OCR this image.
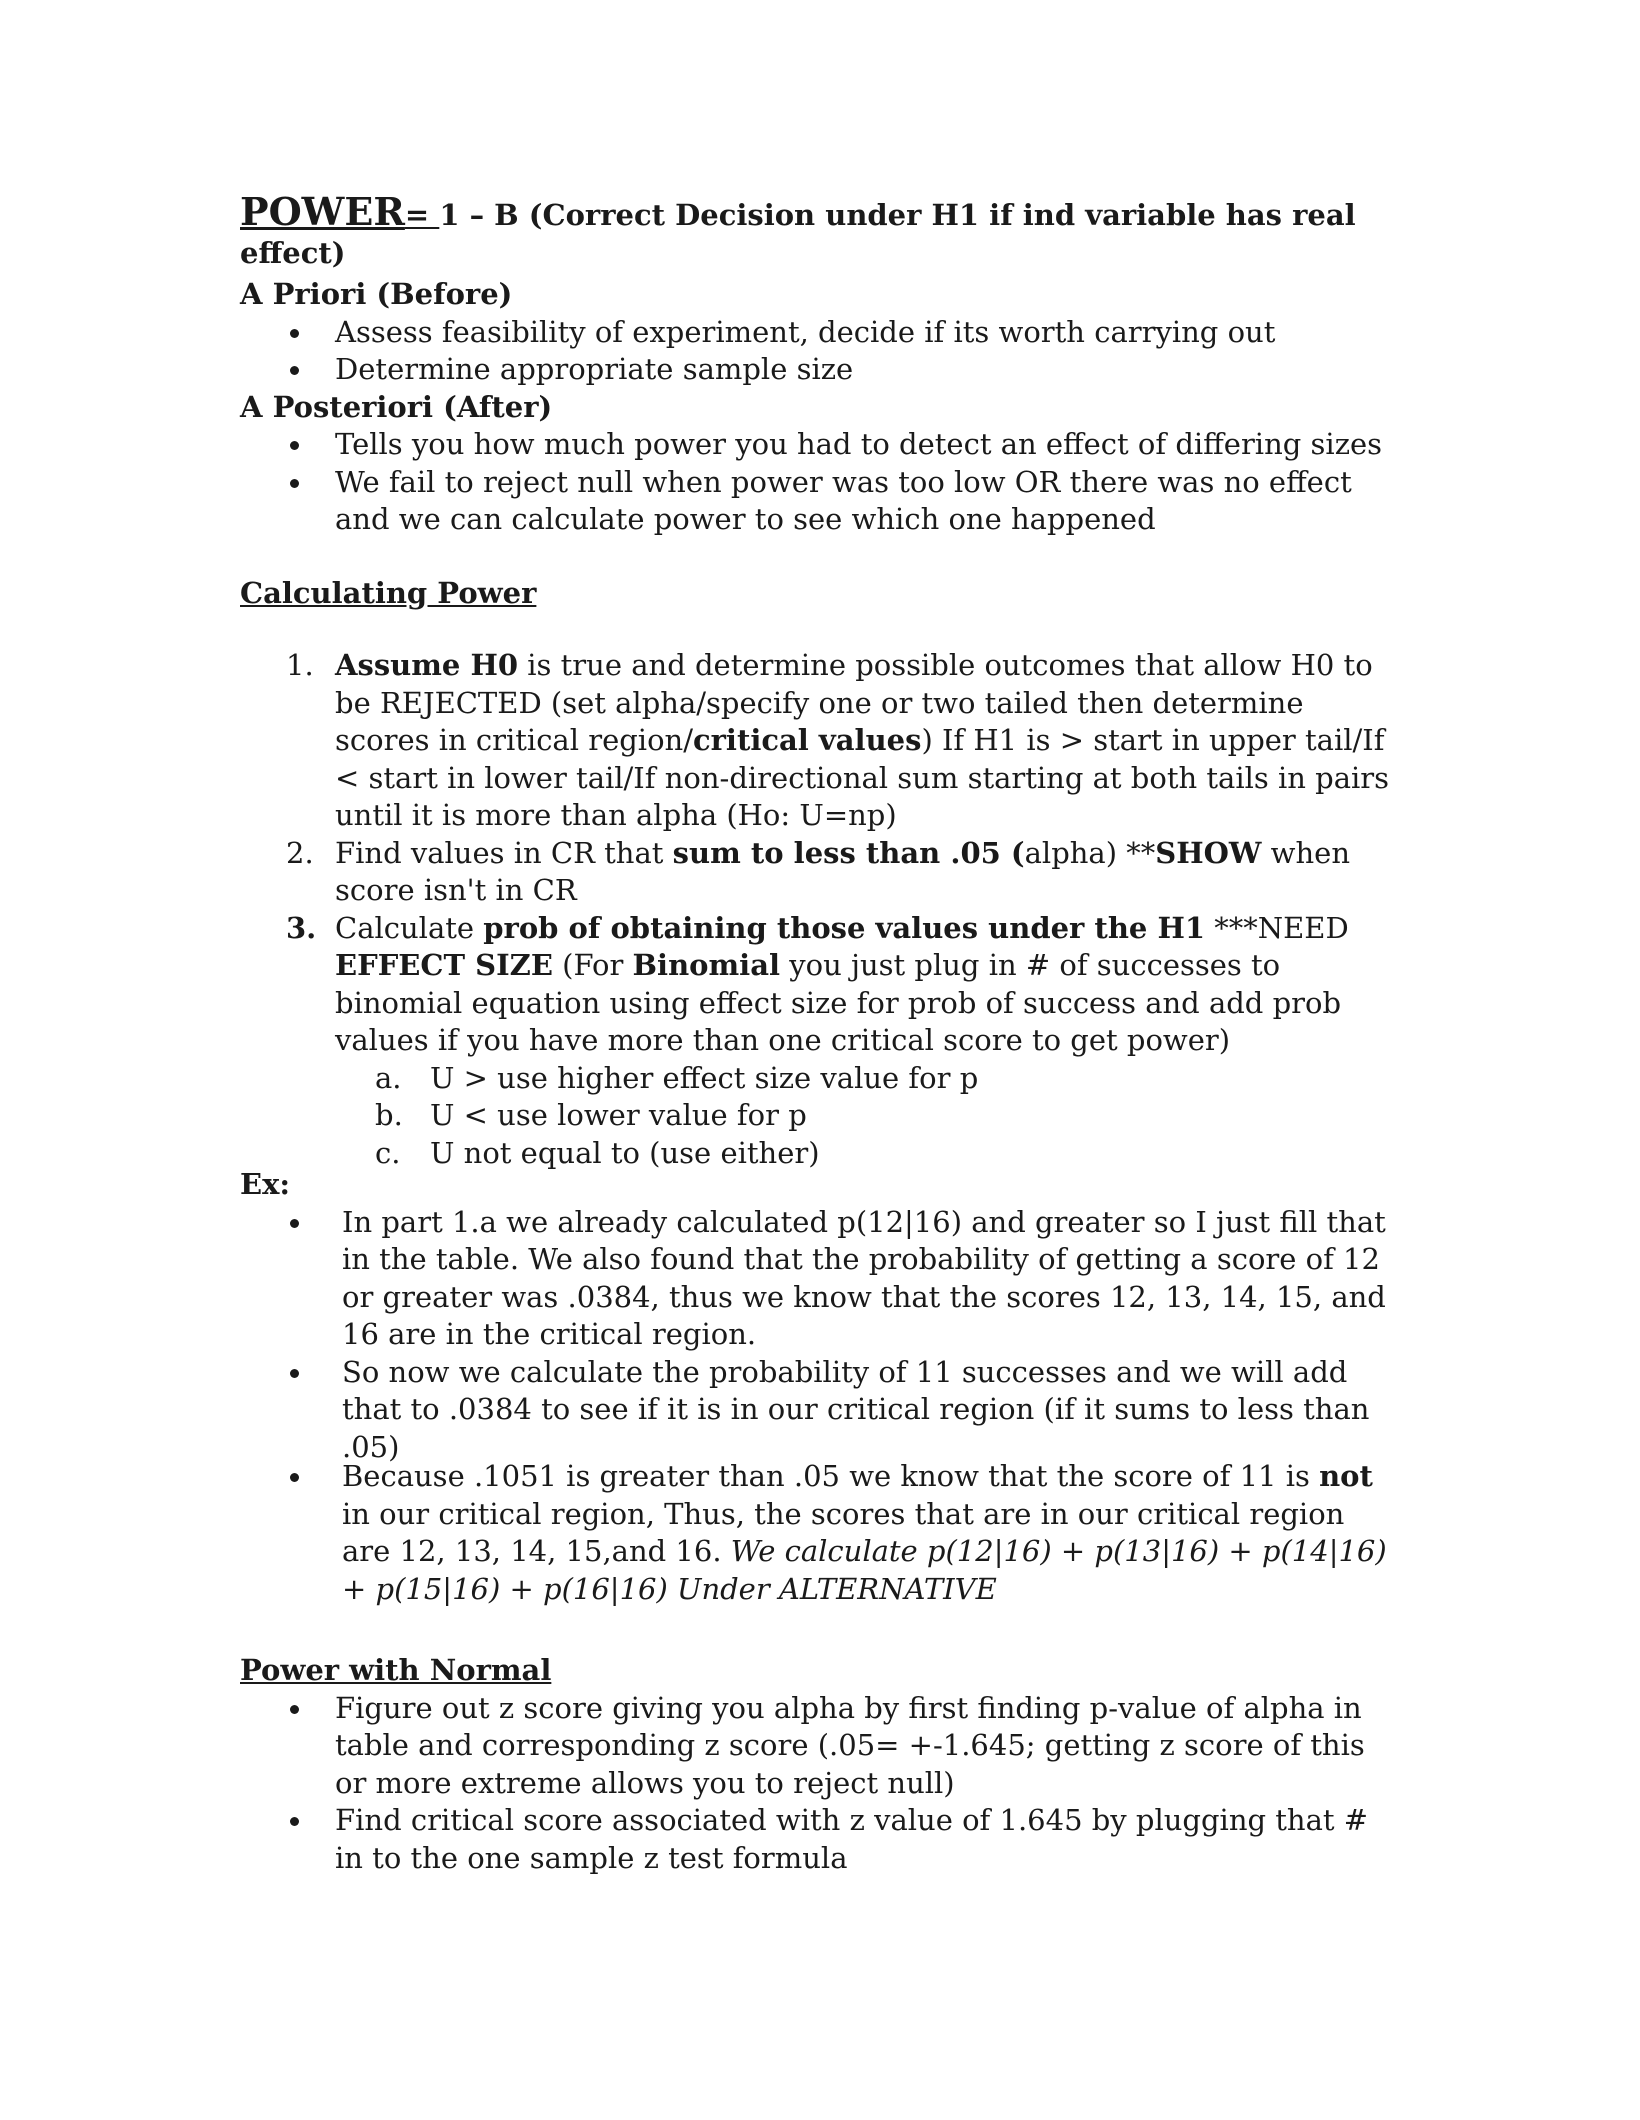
POWER= 1 – B (Correct Decision under H1 if ind variable has real effect)
A Priori (Before)
Assess feasibility of experiment, decide if its worth carrying out
Determine appropriate sample size
A Posteriori (After)
Tells you how much power you had to detect an effect of differing sizes
We fail to reject null when power was too low OR there was no effect and we can calculate power to see which one happened
Calculating Power
1. Assume H0 is true and determine possible outcomes that allow H0 to be REJECTED (set alpha/specify one or two tailed then determine scores in critical region/critical values) If H1 is > start in upper tail/If < start in lower tail/If non-directional sum starting at both tails in pairs until it is more than alpha (Ho: U=np)
2. Find values in CR that sum to less than .05 (alpha) **SHOW when score isn't in CR
3. Calculate prob of obtaining those values under the H1 ***NEED EFFECT SIZE (For Binomial you just plug in # of successes to binomial equation using effect size for prob of success and add prob values if you have more than one critical score to get power)
a. U > use higher effect size value for p
b. U < use lower value for p
c. U not equal to (use either)
Ex:
In part 1.a we already calculated p(12|16) and greater so I just fill that in the table. We also found that the probability of getting a score of 12 or greater was .0384, thus we know that the scores 12, 13, 14, 15, and 16 are in the critical region.
So now we calculate the probability of 11 successes and we will add that to .0384 to see if it is in our critical region (if it sums to less than .05)
Because .1051 is greater than .05 we know that the score of 11 is not in our critical region, Thus, the scores that are in our critical region are 12, 13, 14, 15,and 16. We calculate p(12|16) + p(13|16) + p(14|16) + p(15|16) + p(16|16) Under ALTERNATIVE
Power with Normal
Figure out z score giving you alpha by first finding p-value of alpha in table and corresponding z score (.05= +-1.645; getting z score of this or more extreme allows you to reject null)
Find critical score associated with z value of 1.645 by plugging that # in to the one sample z test formula
